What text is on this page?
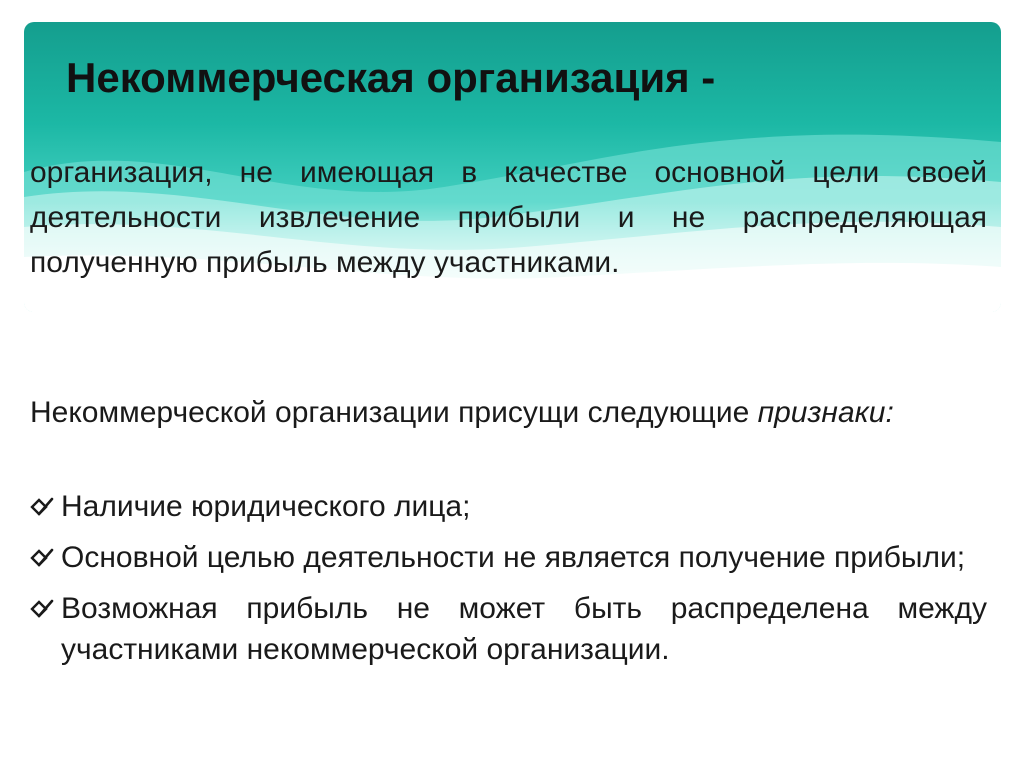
Некоммерческая организация -
организация, не имеющая в качестве основной цели своей деятельности извлечение прибыли и не распределяющая полученную прибыль между участниками.
Некоммерческой организации присущи следующие признаки:
Наличие юридического лица;
Основной целью деятельности не является получение прибыли;
Возможная прибыль не может быть распределена между участниками некоммерческой организации.
